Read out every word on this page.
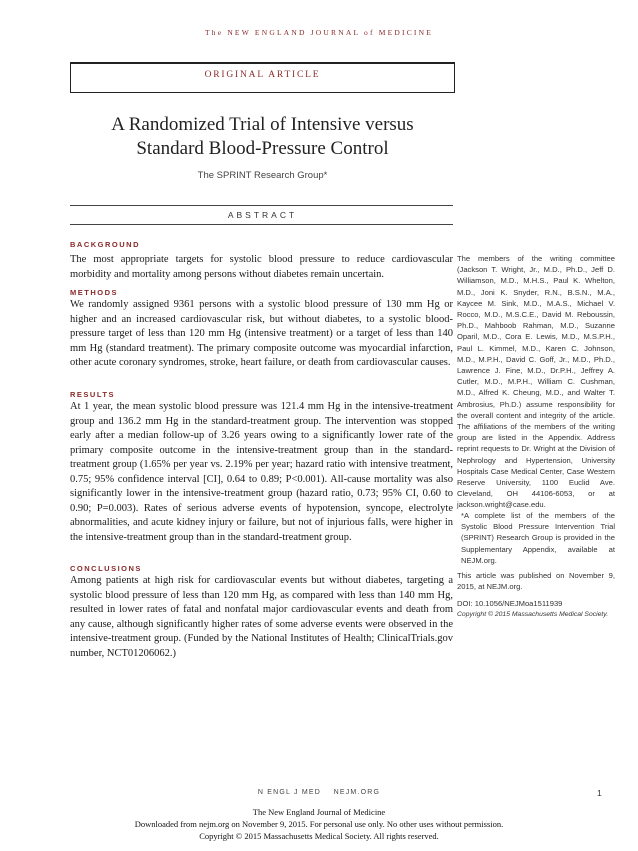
The NEW ENGLAND JOURNAL of MEDICINE
ORIGINAL ARTICLE
A Randomized Trial of Intensive versus
Standard Blood-Pressure Control
The SPRINT Research Group*
ABSTRACT
BACKGROUND
The most appropriate targets for systolic blood pressure to reduce cardiovascular morbidity and mortality among persons without diabetes remain uncertain.
METHODS
We randomly assigned 9361 persons with a systolic blood pressure of 130 mm Hg or higher and an increased cardiovascular risk, but without diabetes, to a systolic blood-pressure target of less than 120 mm Hg (intensive treatment) or a target of less than 140 mm Hg (standard treatment). The primary composite outcome was myocardial infarction, other acute coronary syndromes, stroke, heart failure, or death from cardiovascular causes.
RESULTS
At 1 year, the mean systolic blood pressure was 121.4 mm Hg in the intensive-treatment group and 136.2 mm Hg in the standard-treatment group. The intervention was stopped early after a median follow-up of 3.26 years owing to a significantly lower rate of the primary composite outcome in the intensive-treatment group than in the standard-treatment group (1.65% per year vs. 2.19% per year; hazard ratio with intensive treatment, 0.75; 95% confidence interval [CI], 0.64 to 0.89; P<0.001). All-cause mortality was also significantly lower in the intensive-treatment group (hazard ratio, 0.73; 95% CI, 0.60 to 0.90; P=0.003). Rates of serious adverse events of hypotension, syncope, electrolyte abnormalities, and acute kidney injury or failure, but not of injurious falls, were higher in the intensive-treatment group than in the standard-treatment group.
CONCLUSIONS
Among patients at high risk for cardiovascular events but without diabetes, targeting a systolic blood pressure of less than 120 mm Hg, as compared with less than 140 mm Hg, resulted in lower rates of fatal and nonfatal major cardiovascular events and death from any cause, although significantly higher rates of some adverse events were observed in the intensive-treatment group. (Funded by the National Institutes of Health; ClinicalTrials.gov number, NCT01206062.)
The members of the writing committee (Jackson T. Wright, Jr., M.D., Ph.D., Jeff D. Williamson, M.D., M.H.S., Paul K. Whelton, M.D., Joni K. Snyder, R.N., B.S.N., M.A., Kaycee M. Sink, M.D., M.A.S., Michael V. Rocco, M.D., M.S.C.E., David M. Reboussin, Ph.D., Mahboob Rahman, M.D., Suzanne Oparil, M.D., Cora E. Lewis, M.D., M.S.P.H., Paul L. Kimmel, M.D., Karen C. Johnson, M.D., M.P.H., David C. Goff, Jr., M.D., Ph.D., Lawrence J. Fine, M.D., Dr.P.H., Jeffrey A. Cutler, M.D., M.P.H., William C. Cushman, M.D., Alfred K. Cheung, M.D., and Walter T. Ambrosius, Ph.D.) assume responsibility for the overall content and integrity of the article. The affiliations of the members of the writing group are listed in the Appendix. Address reprint requests to Dr. Wright at the Division of Nephrology and Hypertension, University Hospitals Case Medical Center, Case Western Reserve University, 1100 Euclid Ave. Cleveland, OH 44106-6053, or at jackson.wright@case.edu.
*A complete list of the members of the Systolic Blood Pressure Intervention Trial (SPRINT) Research Group is provided in the Supplementary Appendix, available at NEJM.org.
This article was published on November 9, 2015, at NEJM.org.
DOI: 10.1056/NEJMoa1511939
Copyright © 2015 Massachusetts Medical Society.
N ENGL J MED    NEJM.ORG	1
The New England Journal of Medicine
Downloaded from nejm.org on November 9, 2015. For personal use only. No other uses without permission.
Copyright © 2015 Massachusetts Medical Society. All rights reserved.
